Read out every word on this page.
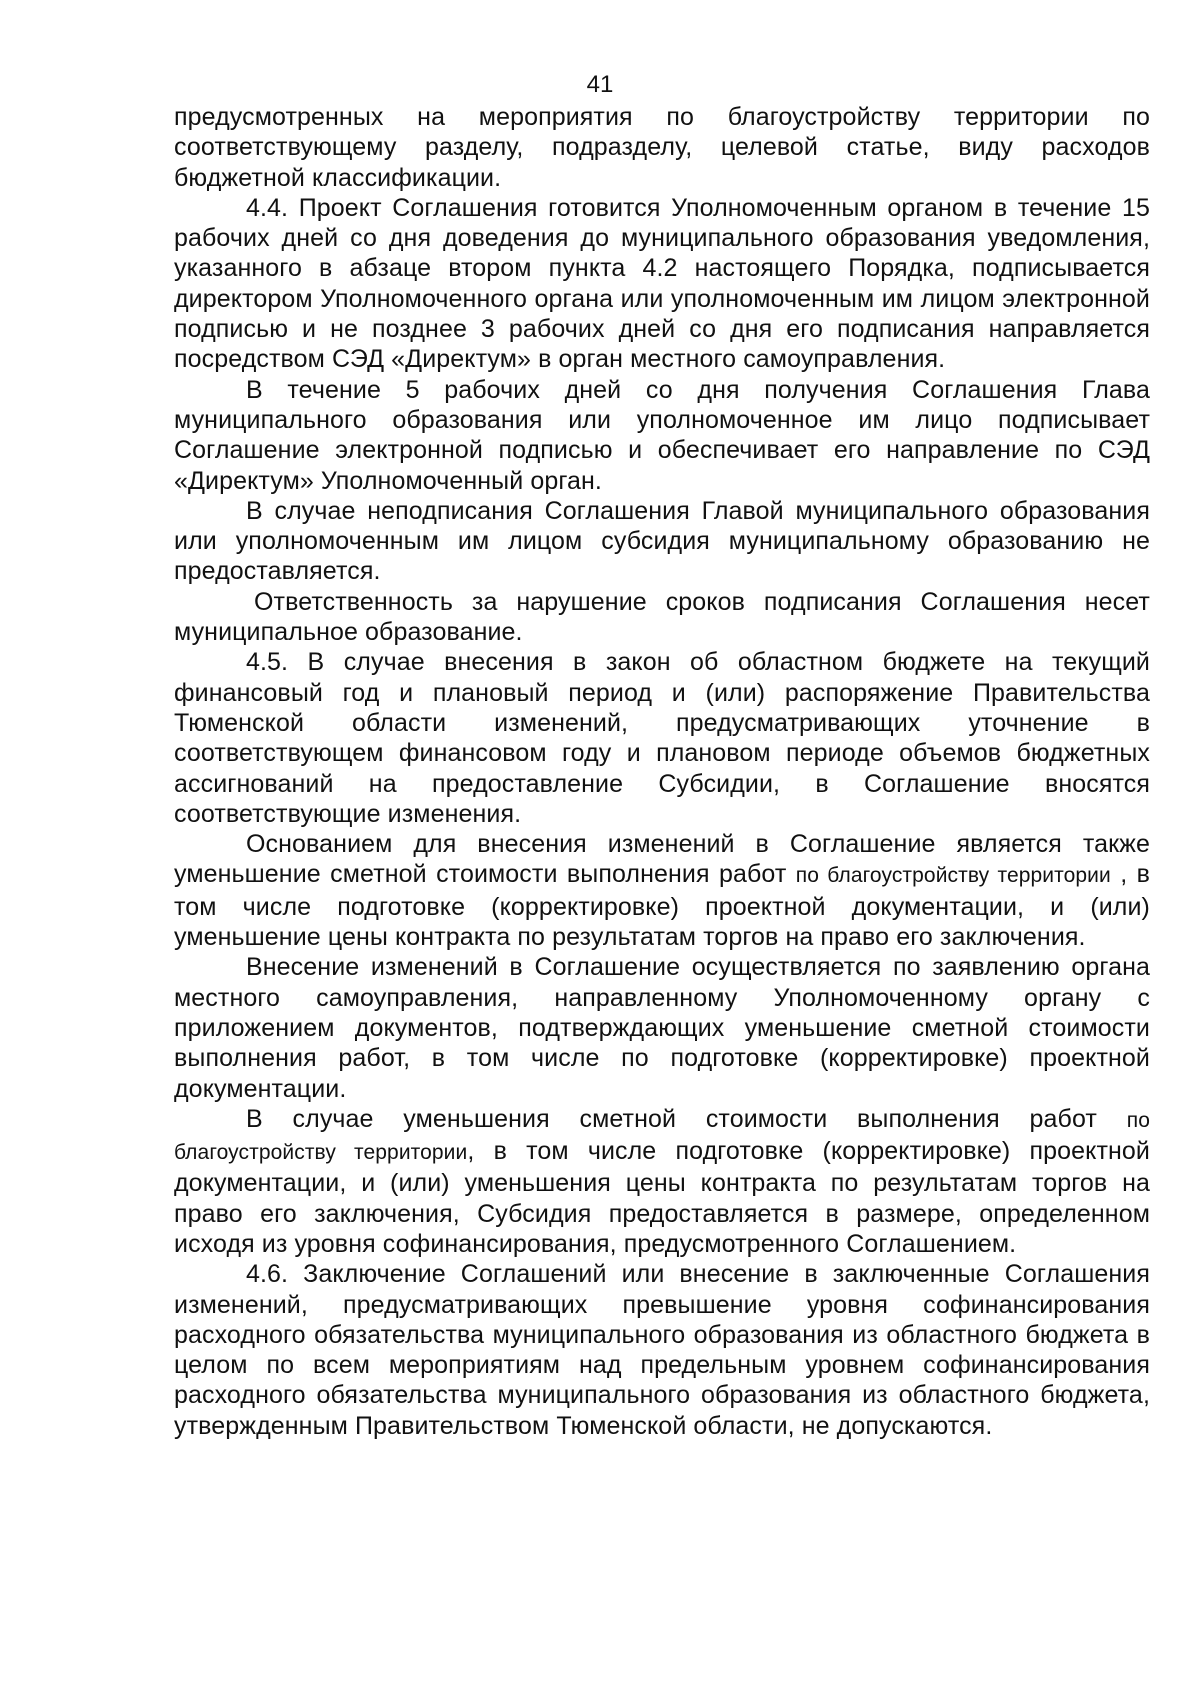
41

предусмотренных на мероприятия по благоустройству территории по соответствующему разделу, подразделу, целевой статье, виду расходов бюджетной классификации.

4.4. Проект Соглашения готовится Уполномоченным органом в течение 15 рабочих дней со дня доведения до муниципального образования уведомления, указанного в абзаце втором пункта 4.2 настоящего Порядка, подписывается директором Уполномоченного органа или уполномоченным им лицом электронной подписью и не позднее 3 рабочих дней со дня его подписания направляется посредством СЭД «Директум» в орган местного самоуправления.

В течение 5 рабочих дней со дня получения Соглашения Глава муниципального образования или уполномоченное им лицо подписывает Соглашение электронной подписью и обеспечивает его направление по СЭД «Директум» Уполномоченный орган.

В случае неподписания Соглашения Главой муниципального образования или уполномоченным им лицом субсидия муниципальному образованию не предоставляется.

Ответственность за нарушение сроков подписания Соглашения несет муниципальное образование.

4.5. В случае внесения в закон об областном бюджете на текущий финансовый год и плановый период и (или) распоряжение Правительства Тюменской области изменений, предусматривающих уточнение в соответствующем финансовом году и плановом периоде объемов бюджетных ассигнований на предоставление Субсидии, в Соглашение вносятся соответствующие изменения.

Основанием для внесения изменений в Соглашение является также уменьшение сметной стоимости выполнения работ по благоустройству территории , в том числе подготовке (корректировке) проектной документации, и (или) уменьшение цены контракта по результатам торгов на право его заключения.

Внесение изменений в Соглашение осуществляется по заявлению органа местного самоуправления, направленному Уполномоченному органу с приложением документов, подтверждающих уменьшение сметной стоимости выполнения работ, в том числе по подготовке (корректировке) проектной документации.

В случае уменьшения сметной стоимости выполнения работ по благоустройству территории, в том числе подготовке (корректировке) проектной документации, и (или) уменьшения цены контракта по результатам торгов на право его заключения, Субсидия предоставляется в размере, определенном исходя из уровня софинансирования, предусмотренного Соглашением.

4.6. Заключение Соглашений или внесение в заключенные Соглашения изменений, предусматривающих превышение уровня софинансирования расходного обязательства муниципального образования из областного бюджета в целом по всем мероприятиям над предельным уровнем софинансирования расходного обязательства муниципального образования из областного бюджета, утвержденным Правительством Тюменской области, не допускаются.
